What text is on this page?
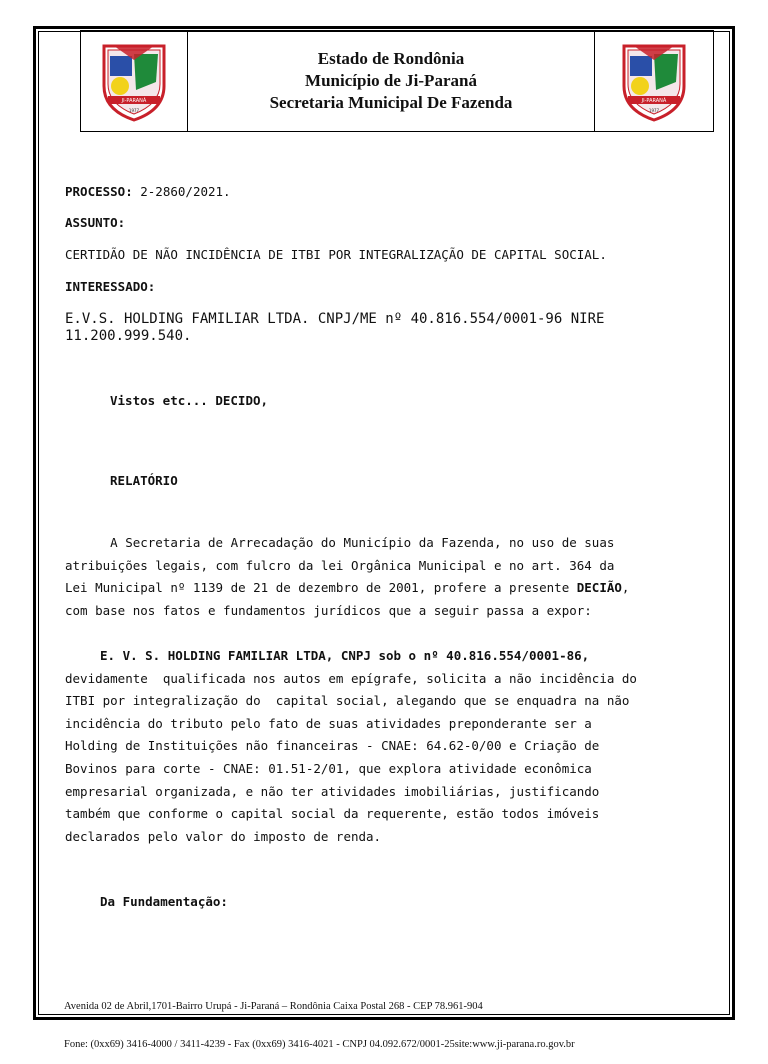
JI-PARANÁ
1977
Estado de Rondônia
Município de Ji-Paraná
Secretaria Municipal De Fazenda	JI-PARANÁ
1977
PROCESSO: 2-2860/2021.
ASSUNTO:
CERTIDÃO DE NÃO INCIDÊNCIA DE ITBI POR INTEGRALIZAÇÃO DE CAPITAL SOCIAL.
INTERESSADO:
E.V.S. HOLDING FAMILIAR LTDA. CNPJ/ME nº 40.816.554/0001-96 NIRE
11.200.999.540.
Vistos etc... DECIDO,
RELATÓRIO
A Secretaria de Arrecadação do Município da Fazenda, no uso de suas
atribuições legais, com fulcro da lei Orgânica Municipal e no art. 364 da
Lei Municipal nº 1139 de 21 de dezembro de 2001, profere a presente DECIÃO,
com base nos fatos e fundamentos jurídicos que a seguir passa a expor:
E. V. S. HOLDING FAMILIAR LTDA, CNPJ sob o nº 40.816.554/0001-86,
devidamente  qualificada nos autos em epígrafe, solicita a não incidência do
ITBI por integralização do  capital social, alegando que se enquadra na não
incidência do tributo pelo fato de suas atividades preponderante ser a
Holding de Instituições não financeiras - CNAE: 64.62-0/00 e Criação de
Bovinos para corte - CNAE: 01.51-2/01, que explora atividade econômica
empresarial organizada, e não ter atividades imobiliárias, justificando
também que conforme o capital social da requerente, estão todos imóveis
declarados pelo valor do imposto de renda.
Da Fundamentação:

Avenida 02 de Abril,1701-Bairro Urupá - Ji-Paraná – Rondônia Caixa Postal 268 - CEP 78.961-904

Fone: (0xx69) 3416-4000 / 3411-4239 - Fax (0xx69) 3416-4021 - CNPJ 04.092.672/0001-25site:www.ji-parana.ro.gov.br
